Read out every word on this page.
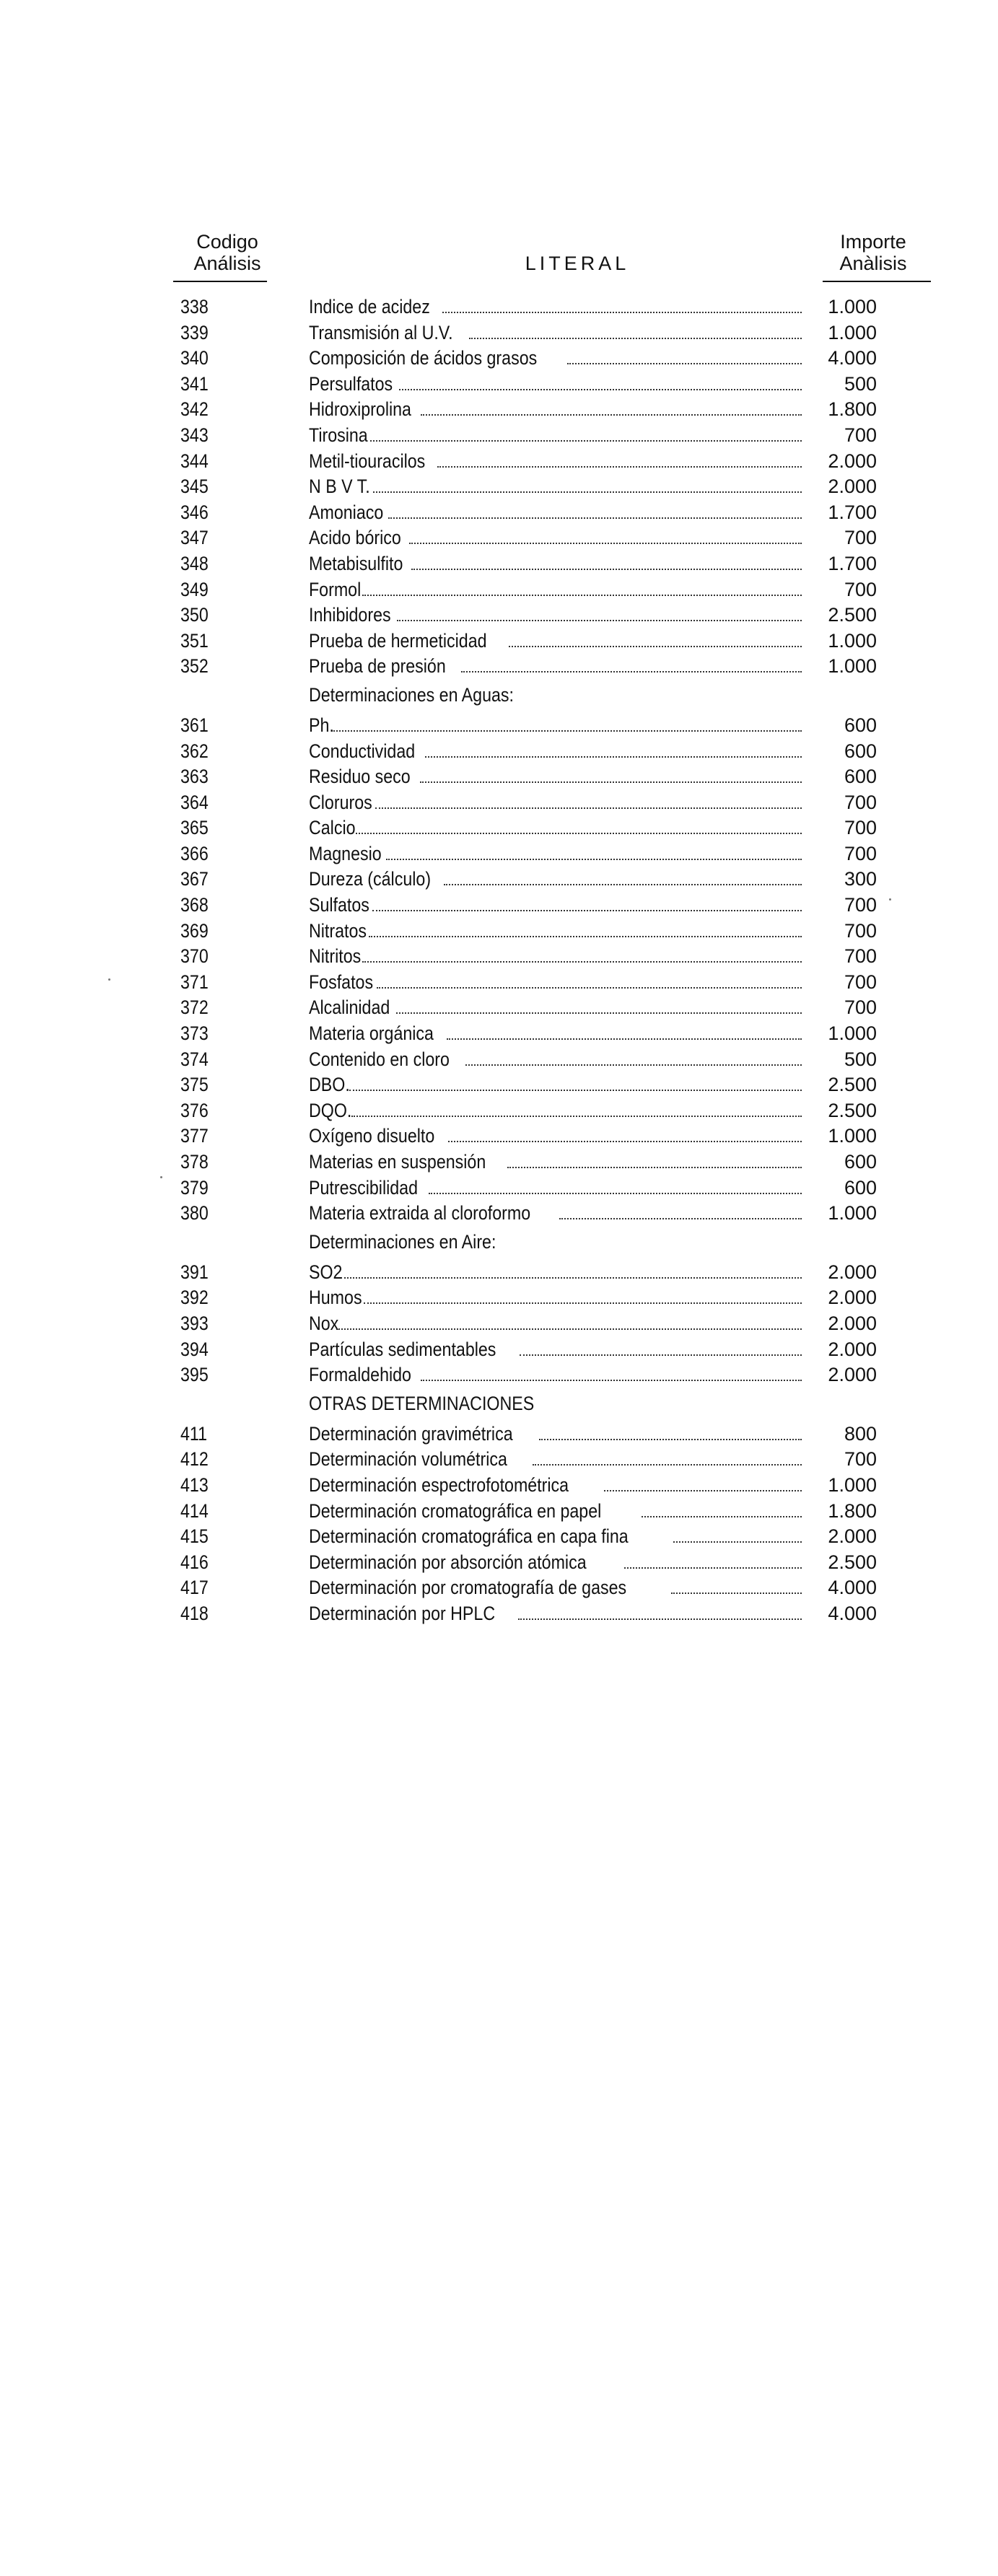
Codigo
Análisis	LITERAL
Importe
Anàlisis
338	Indice de acidez	1.000
339	Transmisión al U.V.	1.000
340	Composición de ácidos grasos	4.000
341	Persulfatos	500
342	Hidroxiprolina	1.800
343	Tirosina	700
344	Metil-tiouracilos	2.000
345	N B V T.	2.000
346	Amoniaco	1.700
347	Acido bórico	700
348	Metabisulfito	1.700
349	Formol	700
350	Inhibidores	2.500
351	Prueba de hermeticidad	1.000
352	Prueba de presión	1.000
Determinaciones en Aguas:
361	Ph.	600
362	Conductividad	600
363	Residuo seco	600
364	Cloruros	700
365	Calcio	700
366	Magnesio	700
367	Dureza (cálculo)	300
368	Sulfatos	700
369	Nitratos	700
370	Nitritos	700
371	Fosfatos	700
372	Alcalinidad	700
373	Materia orgánica	1.000
374	Contenido en cloro	500
375	DBO.	2.500
376	DQO.	2.500
377	Oxígeno disuelto	1.000
378	Materias en suspensión	600
379	Putrescibilidad	600
380	Materia extraida al cloroformo	1.000
Determinaciones en Aire:
391	SO2	2.000
392	Humos	2.000
393	Nox	2.000
394	Partículas sedimentables	2.000
395	Formaldehido	2.000
OTRAS DETERMINACIONES
411	Determinación gravimétrica	800
412	Determinación volumétrica	700
413	Determinación espectrofotométrica	1.000
414	Determinación cromatográfica en papel	1.800
415	Determinación cromatográfica en capa fina	2.000
416	Determinación por absorción atómica	2.500
417	Determinación por cromatografía de gases	4.000
418	Determinación por HPLC	4.000
